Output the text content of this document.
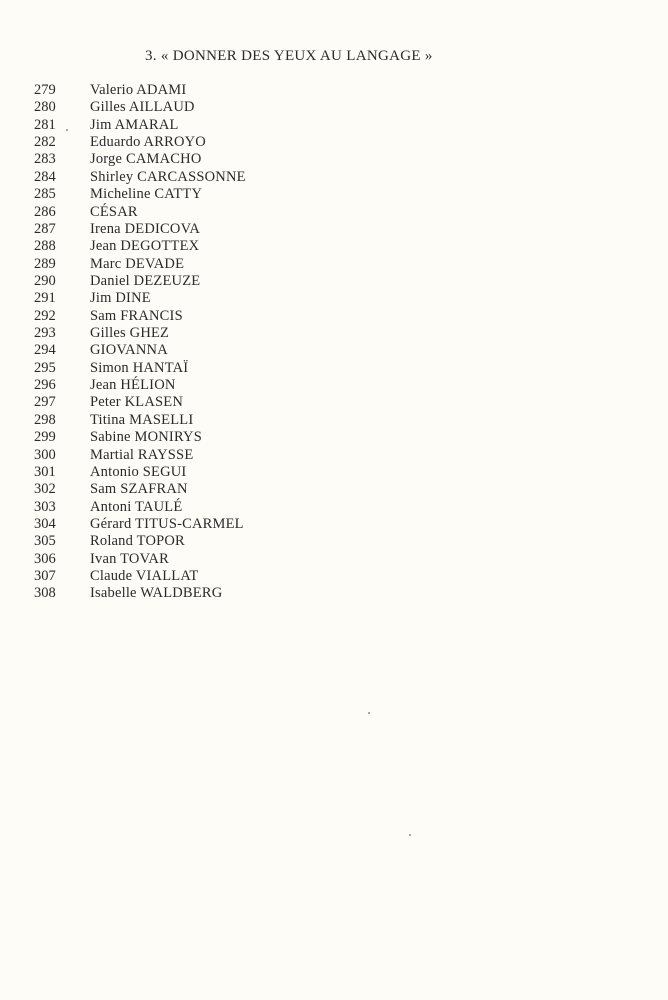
3. « DONNER DES YEUX AU LANGAGE »
279 Valerio ADAMI
280 Gilles AILLAUD
281 Jim AMARAL
282 Eduardo ARROYO
283 Jorge CAMACHO
284 Shirley CARCASSONNE
285 Micheline CATTY
286 CÉSAR
287 Irena DEDICOVA
288 Jean DEGOTTEX
289 Marc DEVADE
290 Daniel DEZEUZE
291 Jim DINE
292 Sam FRANCIS
293 Gilles GHEZ
294 GIOVANNA
295 Simon HANTAÏ
296 Jean HÉLION
297 Peter KLASEN
298 Titina MASELLI
299 Sabine MONIRYS
300 Martial RAYSSE
301 Antonio SEGUI
302 Sam SZAFRAN
303 Antoni TAULÉ
304 Gérard TITUS-CARMEL
305 Roland TOPOR
306 Ivan TOVAR
307 Claude VIALLAT
308 Isabelle WALDBERG
